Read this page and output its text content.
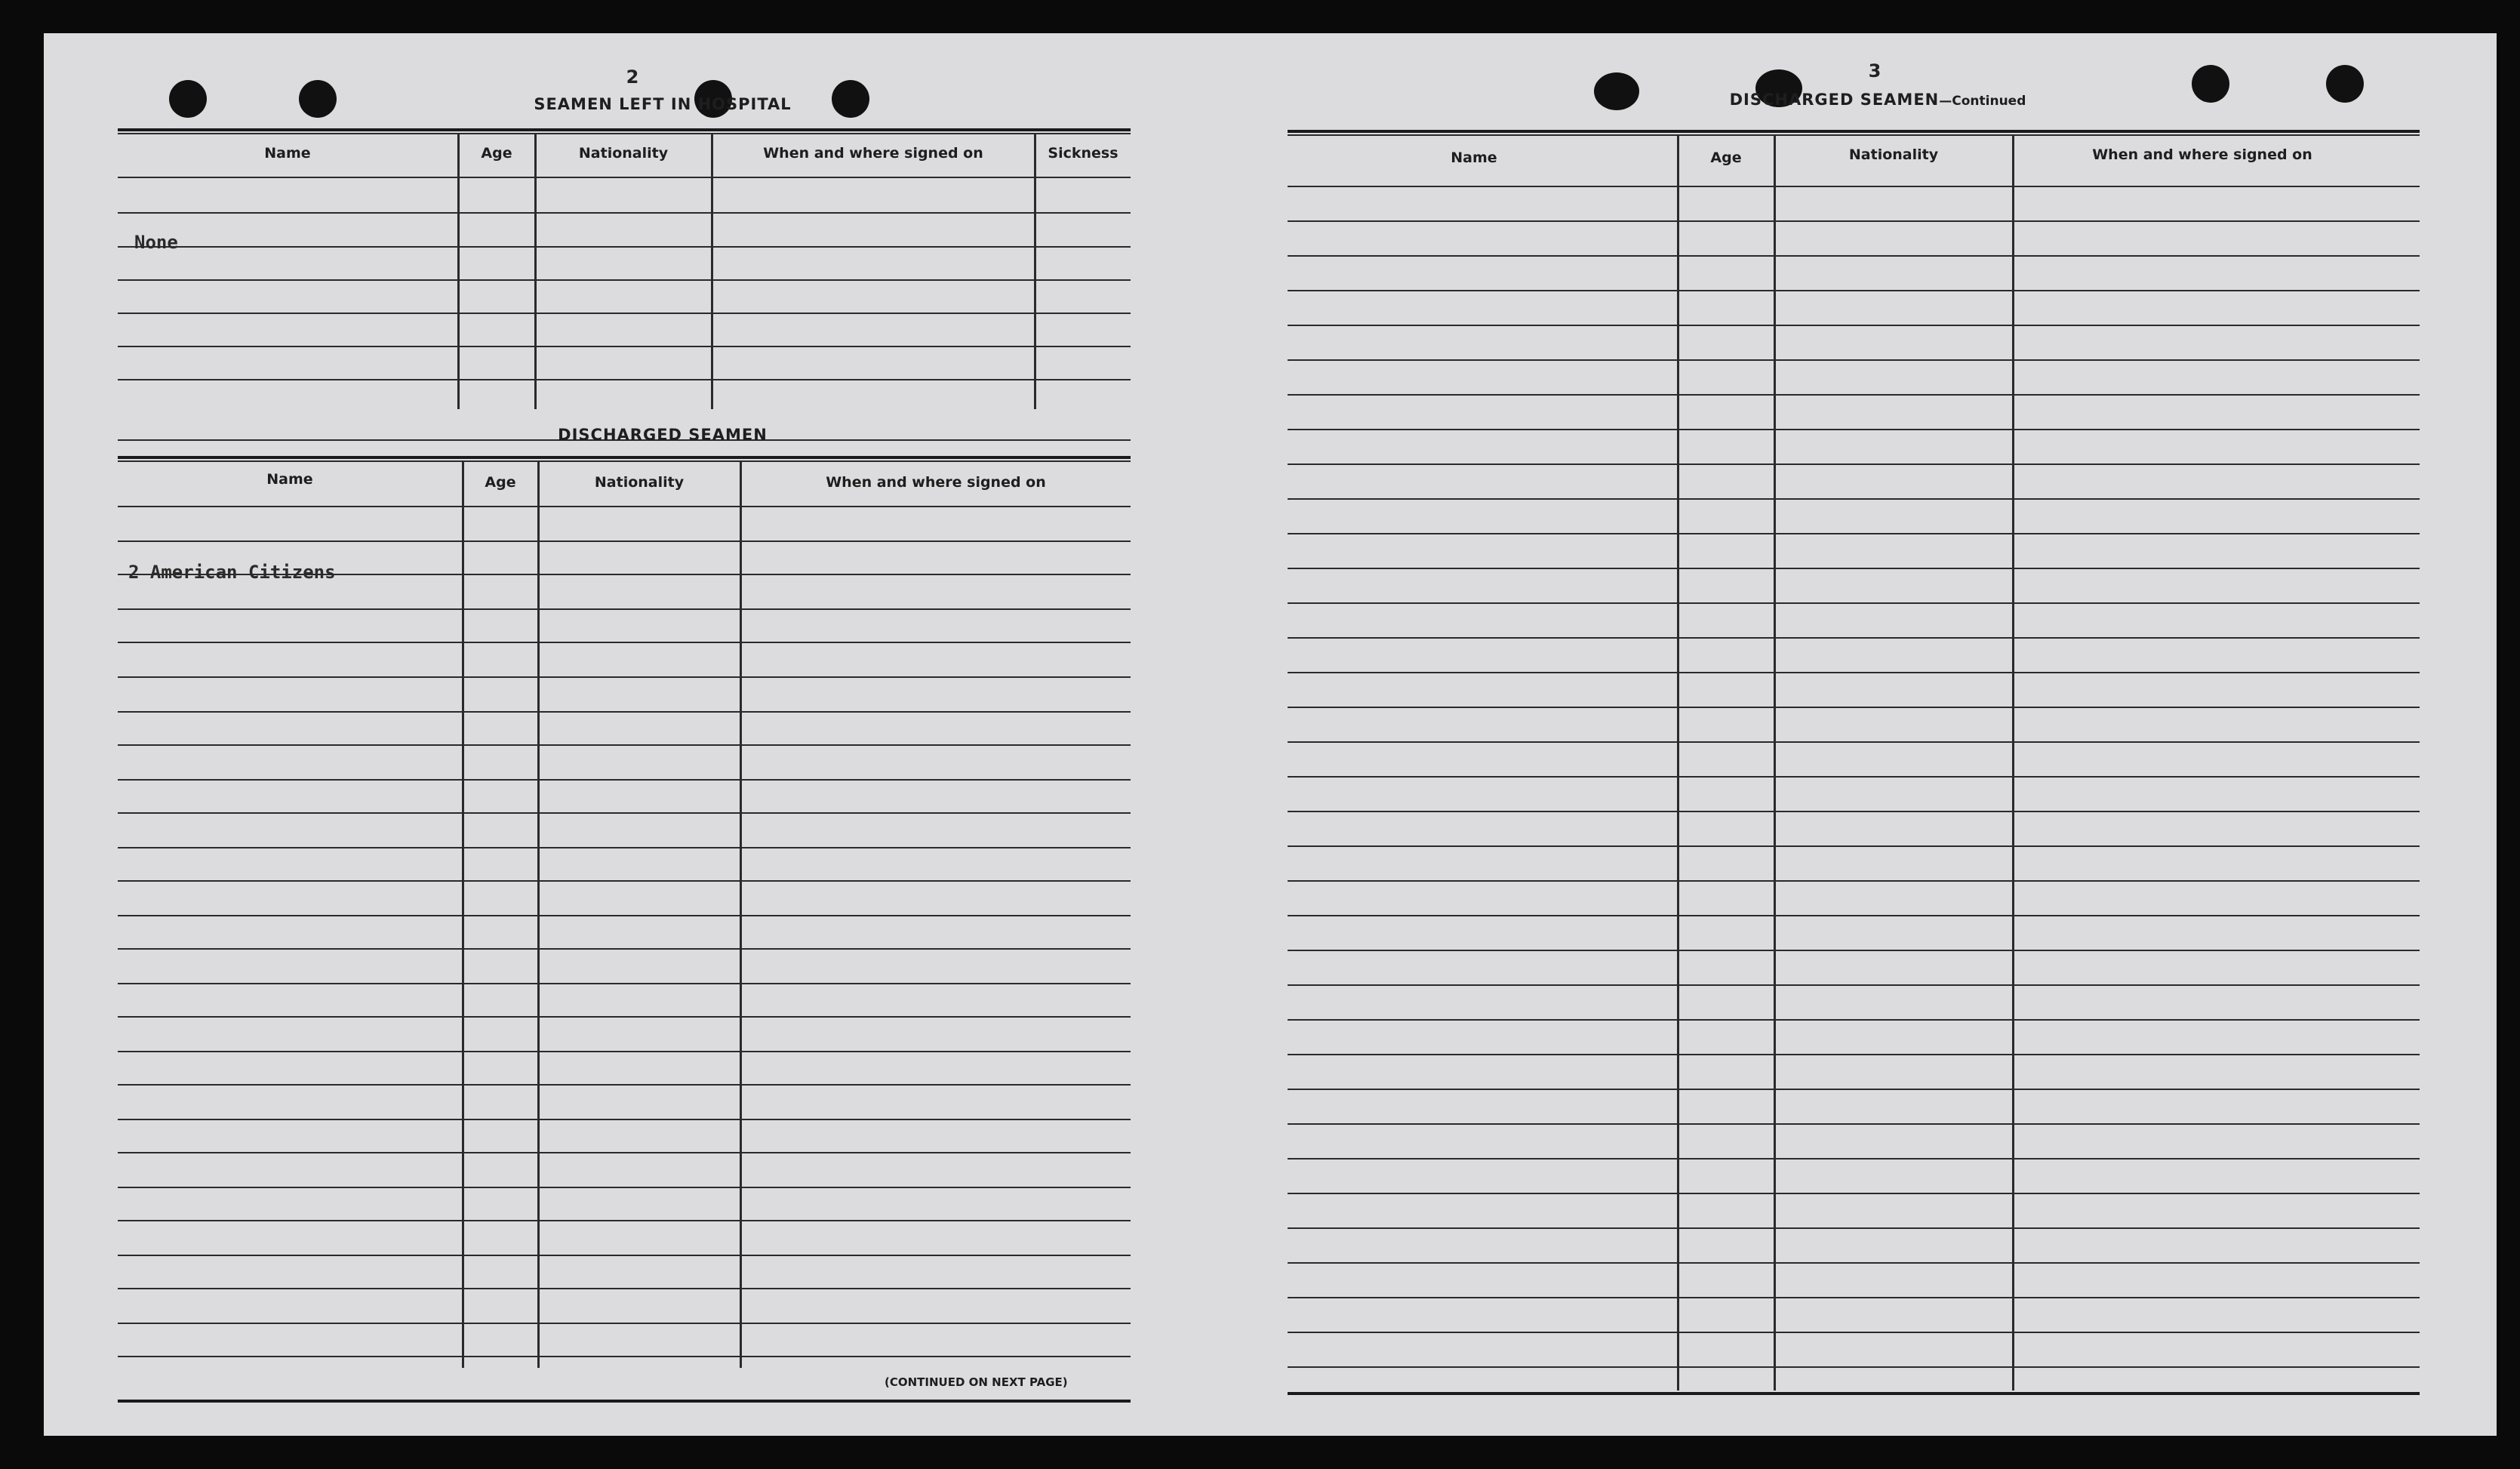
2
SEAMEN LEFT IN HOSPITAL
Name	Age	Nationality	When and where signed on	Sickness
None
DISCHARGED SEAMEN
Name	Age	Nationality	When and where signed on
2 American Citizens
(CONTINUED ON NEXT PAGE)
3
DISCHARGED SEAMEN—Continued
Name	Age	Nationality	When and where signed on
